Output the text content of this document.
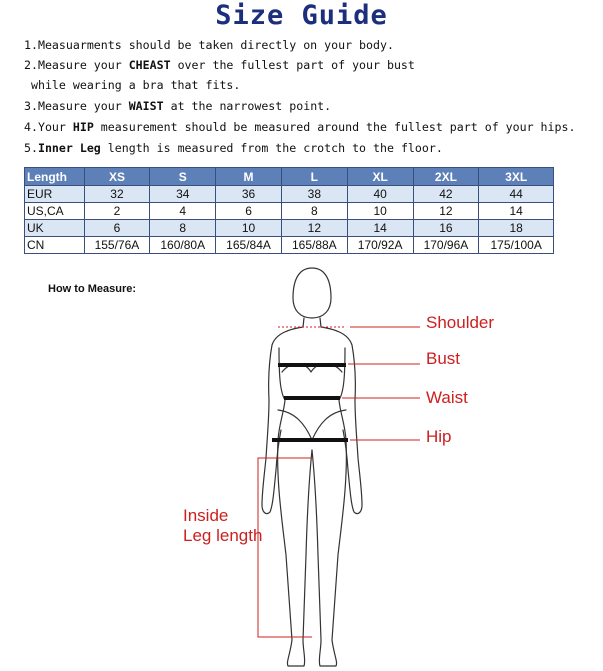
Size Guide
1.Measuarments should be taken directly on your body.
2.Measure your CHEAST over the fullest part of your bust
while wearing a bra that fits.
3.Measure your WAIST at the narrowest point.
4.Your HIP measurement should be measured around the fullest part of your hips.
5.Inner Leg length is measured from the crotch to the floor.
Length	XS	S	M	L	XL	2XL	3XL
EUR	32	34	36	38	40	42	44
US,CA	2	4	6	8	10	12	14
UK	6	8	10	12	14	16	18
CN	155/76A	160/80A	165/84A	165/88A	170/92A	170/96A	175/100A
How to Measure:
Shoulder
Bust
Waist
Hip
Inside
Leg length
